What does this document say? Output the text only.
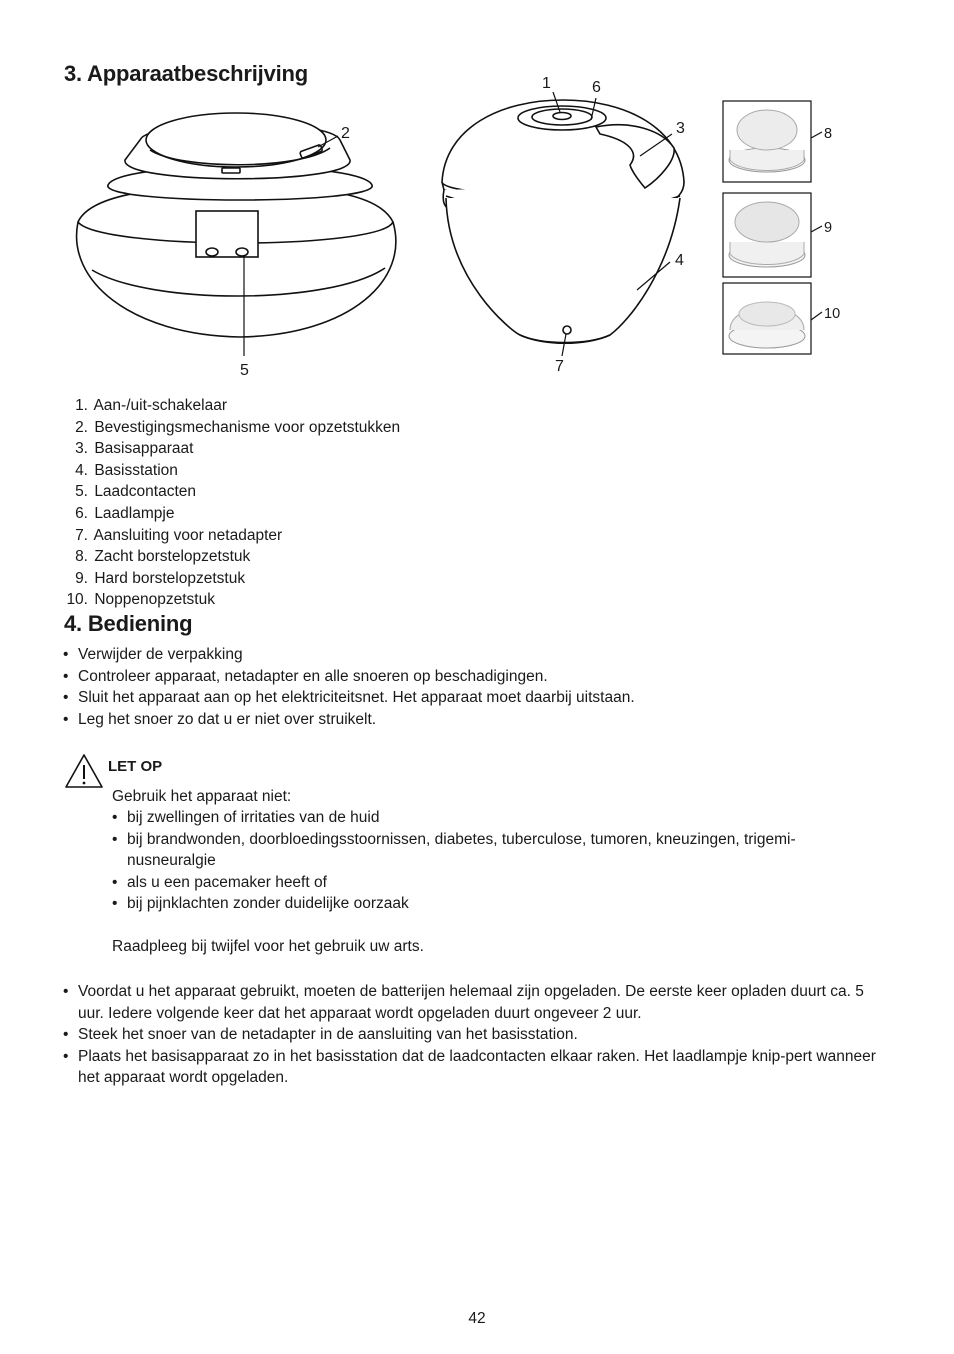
3. Apparaatbeschrijving	1
2	3
4
5
6
7
8
9
10
1. Aan-/uit-schakelaar
2. Bevestigingsmechanisme voor opzetstukken
3. Basisapparaat
4. Basisstation
5. Laadcontacten
6. Laadlampje
7. Aansluiting voor netadapter
8. Zacht borstelopzetstuk
9. Hard borstelopzetstuk
10. Noppenopzetstuk
4. Bediening
• Verwijder de verpakking
• Controleer apparaat, netadapter en alle snoeren op beschadigingen.
• Sluit het apparaat aan op het elektriciteitsnet. Het apparaat moet daarbij uitstaan.
• Leg het snoer zo dat u er niet over struikelt.
LET OP
Gebruik het apparaat niet:
• bij zwellingen of irritaties van de huid
• bij brandwonden, doorbloedingsstoornissen, diabetes, tuberculose, tumoren, kneuzingen, trigemi-nusneuralgie
• als u een pacemaker heeft of
• bij pijnklachten zonder duidelijke oorzaak
Raadpleeg bij twijfel voor het gebruik uw arts.
• Voordat u het apparaat gebruikt, moeten de batterijen helemaal zijn opgeladen. De eerste keer opladen duurt ca. 5 uur. Iedere volgende keer dat het apparaat wordt opgeladen duurt ongeveer 2 uur.
• Steek het snoer van de netadapter in de aansluiting van het basisstation.
• Plaats het basisapparaat zo in het basisstation dat de laadcontacten elkaar raken. Het laadlampje knip-pert wanneer het apparaat wordt opgeladen.
42
